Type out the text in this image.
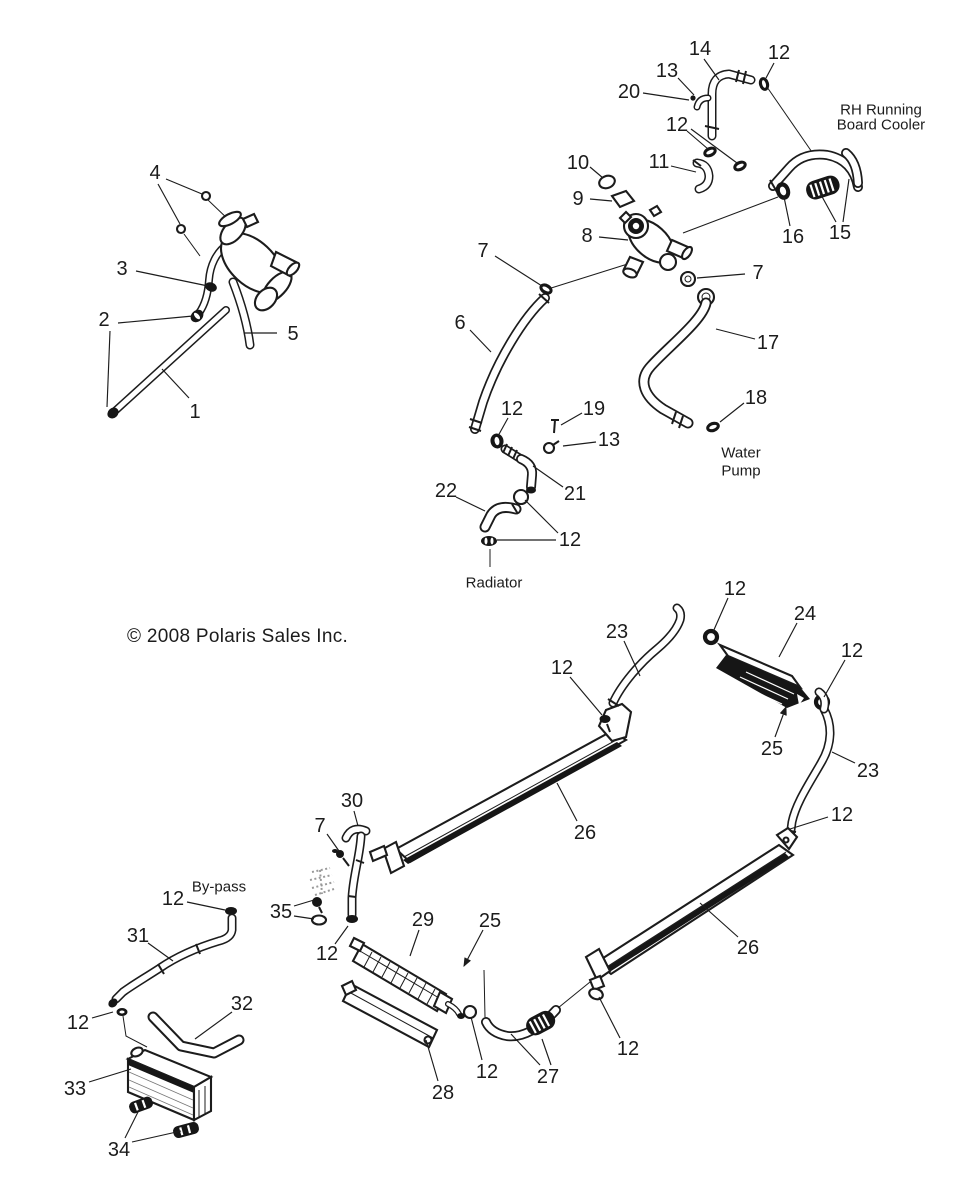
4
3
2
5
1
14	12
13
20
12
11
10
9
8	16 15
7
7
6
17
18
19
13
12
21
22
12
12
23
24
12
12
25
23
26
12
30
7
12
35
31
12
29 25
26
12
12
32
33
34
28
12 27
RH Running Board Cooler
Water Pump
Radiator
By-pass
© 2008 Polaris Sales Inc.
